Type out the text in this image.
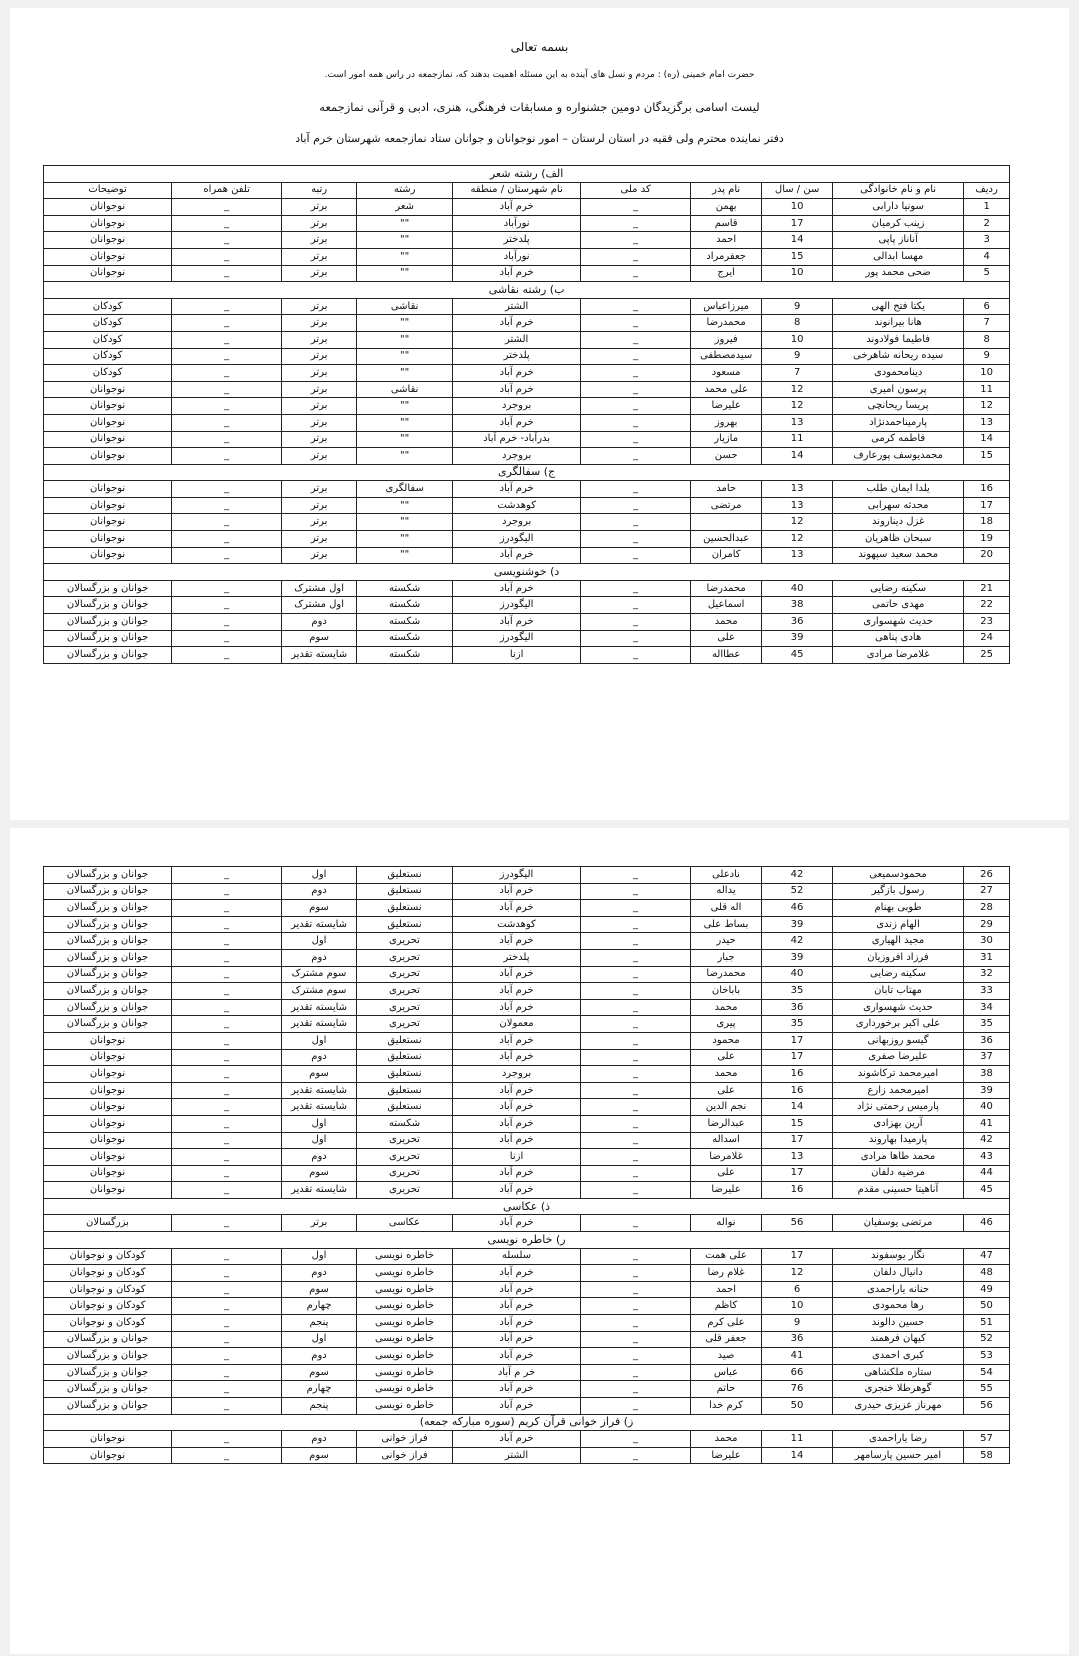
بسمه تعالی
حضرت امام خمینی (ره) : مردم و نسل های آینده به این مسئله اهمیت بدهند که، نمازجمعه در راس همه امور است.
لیست اسامی برگزیدگان دومین جشنواره و مسابقات فرهنگی، هنری، ادبی و قرآنی نمازجمعه
دفتر نماینده محترم ولی فقیه در استان لرستان – امور نوجوانان و جوانان ستاد نمازجمعه شهرستان خرم آباد
الف) رشته شعر									
ردیف	نام و نام خانوادگی	سن / سال	نام پدر	کد ملی	نام شهرستان / منطقه	رشته	رتبه	تلفن همراه	توضیحات
1	سونیا دارابی	10	بهمن	_	خرم آباد	شعر	برتر	_	نوجوانان
2	زینب کرمیان	17	قاسم	_	نورآباد	""	برتر	_	نوجوانان
3	آناناز پاپی	14	احمد	_	پلدختر	""	برتر	_	نوجوانان
4	مهسا ابدالی	15	جعفرمراد	_	نورآباد	""	برتر	_	نوجوانان
5	ضحی محمد پور	10	ایرج	_	خرم آباد	""	برتر	_	نوجوانان
ب) رشته نقاشی									
6	یکتا فتح الهی	9	میرزاعباس	_	الشتر	نقاشی	برتر	_	کودکان
7	هانا بیرانوند	8	محمدرضا	_	خرم آباد	""	برتر	_	کودکان
8	فاطیما فولادوند	10	فیروز	_	الشتر	""	برتر	_	کودکان
9	سیده ریحانه شاهرخی	9	سیدمصطفی	_	پلدختر	""	برتر	_	کودکان
10	دینامحمودی	7	مسعود	_	خرم آباد	""	برتر	_	کودکان
11	پرسون امیری	12	علی محمد	_	خرم آباد	نقاشی	برتر	_	نوجوانان
12	پریسا ریحانچی	12	علیرضا	_	بروجرد	""	برتر	_	نوجوانان
13	پارمیناحمدنژاد	13	بهروز	_	خرم آباد	""	برتر	_	نوجوانان
14	فاطمه کرمی	11	مازیار	_	بدرآباد- خرم آباد	""	برتر	_	نوجوانان
15	محمدیوسف پورعارف	14	حسن	_	بروجرد	""	برتر	_	نوجوانان
ج) سفالگری									
16	یلدا ایمان طلب	13	حامد	_	خرم آباد	سفالگری	برتر	_	نوجوانان
17	محدثه سهرابی	13	مرتضی	_	کوهدشت	""	برتر	_	نوجوانان
18	غزل دیناروند	12		_	بروجرد	""	برتر	_	نوجوانان
19	سبحان ظاهریان	12	عبدالحسین	_	الیگودرز	""	برتر	_	نوجوانان
20	محمد سعید سپهوند	13	کامران	_	خرم آباد	""	برتر	_	نوجوانان
د) خوشنویسی									
21	سکینه رضایی	40	محمدرضا	_	خرم آباد	شکسته	اول مشترک	_	جوانان و بزرگسالان
22	مهدی حاتمی	38	اسماعیل	_	الیگودرز	شکسته	اول مشترک	_	جوانان و بزرگسالان
23	حدیث شهسواری	36	محمد	_	خرم آباد	شکسته	دوم	_	جوانان و بزرگسالان
24	هادی پناهی	39	علی	_	الیگودرز	شکسته	سوم	_	جوانان و بزرگسالان
25	غلامرضا مرادی	45	عطااله	_	ازنا	شکسته	شایسته تقدیر	_	جوانان و بزرگسالان
26	محمودسمیعی	42	نادعلی	_	الیگودرز	نستعلیق	اول	_	جوانان و بزرگسالان
27	رسول بازگیر	52	یداله	_	خرم آباد	نستعلیق	دوم	_	جوانان و بزرگسالان
28	طوبی بهنام	46	اله قلی	_	خرم آباد	نستعلیق	سوم	_	جوانان و بزرگسالان
29	الهام زندی	39	بساط علی	_	کوهدشت	نستعلیق	شایسته تقدیر	_	جوانان و بزرگسالان
30	مجید الهیاری	42	حیدر	_	خرم آباد	تحریری	اول	_	جوانان و بزرگسالان
31	فرزاد افروزیان	39	جبار	_	پلدختر	تحریری	دوم	_	جوانان و بزرگسالان
32	سکینه رضایی	40	محمدرضا	_	خرم آباد	تحریری	سوم مشترک	_	جوانان و بزرگسالان
33	مهتاب تابان	35	باباخان	_	خرم آباد	تحریری	سوم مشترک	_	جوانان و بزرگسالان
34	حدیث شهسواری	36	محمد	_	خرم آباد	تحریری	شایسته تقدیر	_	جوانان و بزرگسالان
35	علی اکبر برخورداری	35	پیری	_	معمولان	تحریری	شایسته تقدیر	_	جوانان و بزرگسالان
36	گیسو روزبهانی	17	محمود	_	خرم آباد	نستعلیق	اول	_	نوجوانان
37	علیرضا صفری	17	علی	_	خرم آباد	نستعلیق	دوم	_	نوجوانان
38	امیرمحمد ترکاشوند	16	محمد	_	بروجرد	نستعلیق	سوم	_	نوجوانان
39	امیرمحمد زارع	16	علی	_	خرم آباد	نستعلیق	شایسته تقدیر	_	نوجوانان
40	پارمیس رحمتی نژاد	14	نجم الدین	_	خرم آباد	نستعلیق	شایسته تقدیر	_	نوجوانان
41	آرین بهزادی	15	عبدالرضا	_	خرم آباد	شکسته	اول	_	نوجوانان
42	پارمیدا بهاروند	17	اسداله	_	خرم آباد	تحریری	اول	_	نوجوانان
43	محمد طاها مرادی	13	غلامرضا	_	ازنا	تحریری	دوم	_	نوجوانان
44	مرضیه دلفان	17	علی	_	خرم آباد	تحریری	سوم	_	نوجوانان
45	آناهیتا حسینی مقدم	16	علیرضا	_	خرم آباد	تحریری	شایسته تقدیر	_	نوجوانان
ذ) عکاسی									
46	مرتضی یوسفیان	56	نواله	_	خرم آباد	عکاسی	برتر	_	بزرگسالان
ر) خاطره نویسی									
47	نگار یوسفوند	17	علی همت	_	سلسله	خاطره نویسی	اول	_	کودکان و نوجوانان
48	دانیال دلفان	12	غلام رضا	_	خرم آباد	خاطره نویسی	دوم	_	کودکان و نوجوانان
49	حنانه یاراحمدی	6	احمد	_	خرم آباد	خاطره نویسی	سوم	_	کودکان و نوجوانان
50	رها محمودی	10	کاظم	_	خرم آباد	خاطره نویسی	چهارم	_	کودکان و نوجوانان
51	حسین دالوند	9	علی کرم	_	خرم آباد	خاطره نویسی	پنجم	_	کودکان و نوجوانان
52	کیهان فرهمند	36	جعفر قلی	_	خرم آباد	خاطره نویسی	اول	_	جوانان و بزرگسالان
53	کبری احمدی	41	صید	_	خرم آباد	خاطره نویسی	دوم	_	جوانان و بزرگسالان
54	ستاره ملکشاهی	66	عباس	_	خر م آباد	خاطره نویسی	سوم	_	جوانان و بزرگسالان
55	گوهرطلا خنجری	76	حاتم	_	خرم آباد	خاطره نویسی	چهارم	_	جوانان و بزرگسالان
56	مهرناز عزیزی حیدری	50	کرم خدا	_	خرم آباد	خاطره نویسی	پنجم	_	جوانان و بزرگسالان
ز) فراز خوانی قرآن کریم (سوره مبارکه جمعه)									
57	رضا یاراحمدی	11	محمد	_	خرم آباد	فراز خوانی	دوم	_	نوجوانان
58	امیر حسین پارسامهر	14	علیرضا	_	الشتر	فراز خوانی	سوم	_	نوجوانان
